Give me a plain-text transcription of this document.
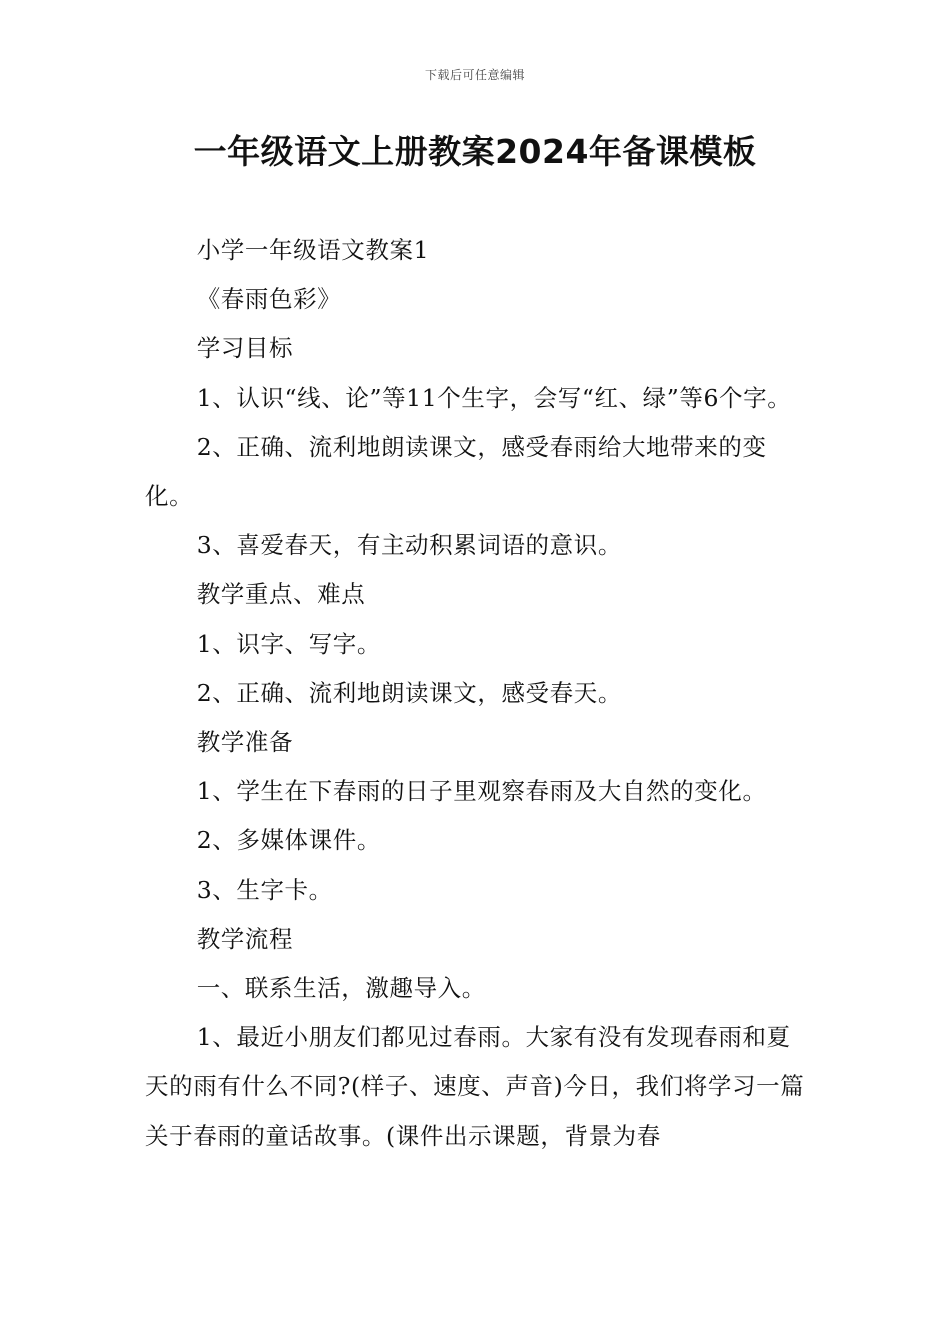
下载后可任意编辑
一年级语文上册教案2024年备课模板

小学一年级语文教案1

《春雨色彩》

学习目标

1、认识“线、论”等11个生字，会写“红、绿”等6个字。

2、正确、流利地朗读课文，感受春雨给大地带来的变化。

3、喜爱春天，有主动积累词语的意识。

教学重点、难点

1、识字、写字。

2、正确、流利地朗读课文，感受春天。

教学准备

1、学生在下春雨的日子里观察春雨及大自然的变化。

2、多媒体课件。

3、生字卡。

教学流程

一、联系生活，激趣导入。

1、最近小朋友们都见过春雨。大家有没有发现春雨和夏天的雨有什么不同?(样子、速度、声音)今日，我们将学习一篇关于春雨的童话故事。(课件出示课题，背景为春
